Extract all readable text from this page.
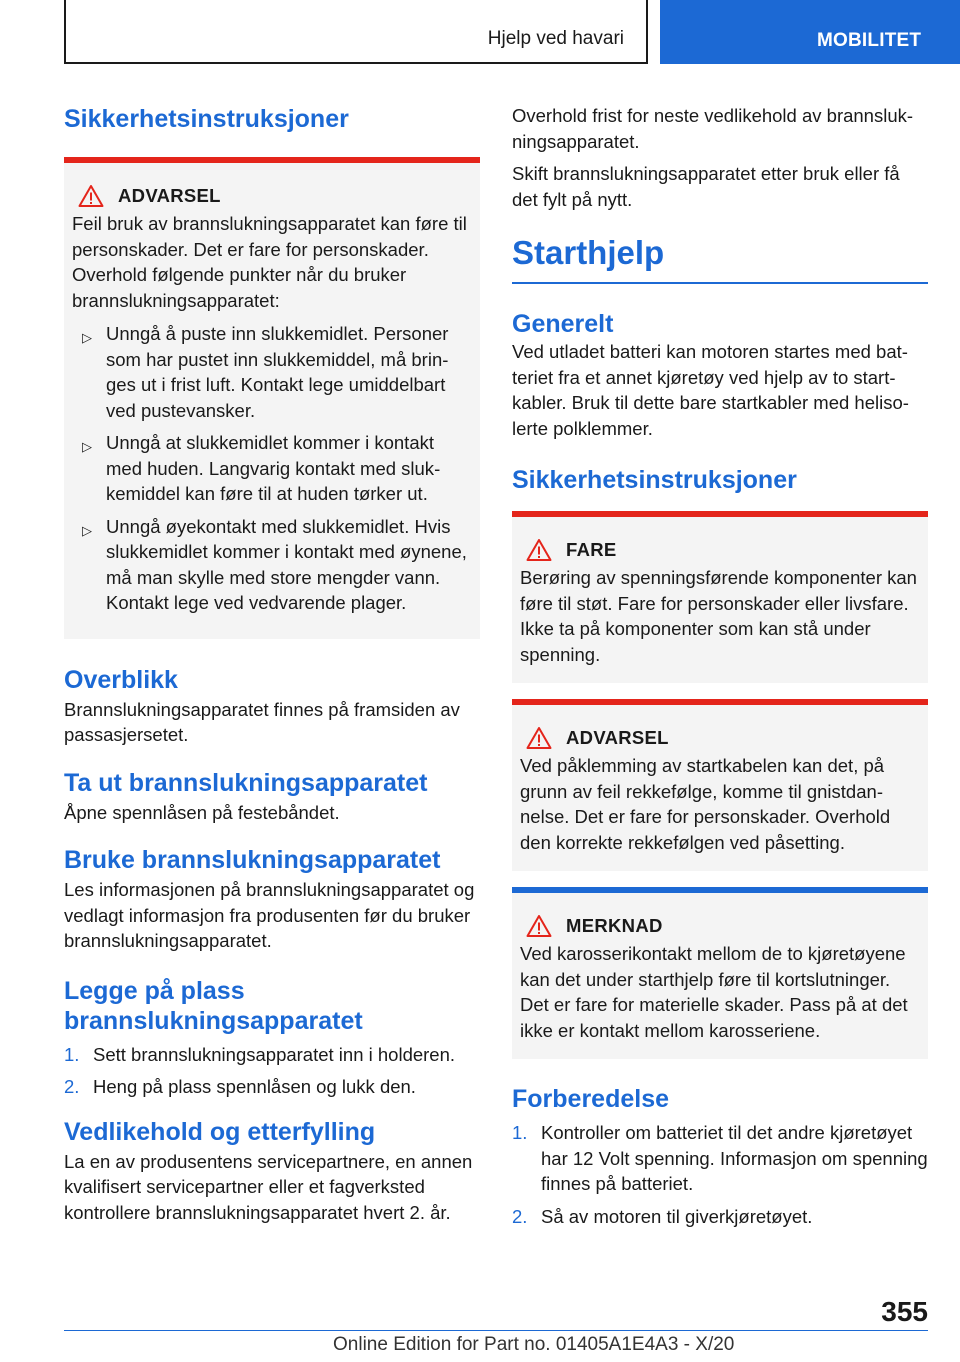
Hjelp ved havari	MOBILITET
Sikkerhetsinstruksjoner
ADVARSEL

Feil bruk av brannslukningsapparatet kan føre til personskader. Det er fare for personskader. Overhold følgende punkter når du bruker brannslukningsapparatet:

▷ Unngå å puste inn slukkemidlet. Personer som har pustet inn slukkemiddel, må bringes ut i frist luft. Kontakt lege umiddelbart ved pustevansker.
▷ Unngå at slukkemidlet kommer i kontakt med huden. Langvarig kontakt med slukkemiddel kan føre til at huden tørker ut.
▷ Unngå øyekontakt med slukkemidlet. Hvis slukkemidlet kommer i kontakt med øynene, må man skylle med store mengder vann. Kontakt lege ved vedvarende plager.
Overblikk

Brannslukningsapparatet finnes på framsiden av passasjersetet.

Ta ut brannslukningsapparatet

Åpne spennlåsen på festebåndet.

Bruke brannslukningsapparatet

Les informasjonen på brannslukningsapparatet og vedlagt informasjon fra produsenten før du bruker brannslukningsapparatet.

Legge på plass
brannslukningsapparatet
1. Sett brannslukningsapparatet inn i holderen.
2. Heng på plass spennlåsen og lukk den.
Vedlikehold og etterfylling

La en av produsentens servicepartnere, en annen kvalifisert servicepartner eller et fagverksted kontrollere brannslukningsapparatet hvert 2. år.

Overhold frist for neste vedlikehold av brannslukningsapparatet.

Skift brannslukningsapparatet etter bruk eller få det fylt på nytt.

Starthjelp
Generelt

Ved utladet batteri kan motoren startes med batteriet fra et annet kjøretøy ved hjelp av to startkabler. Bruk til dette bare startkabler med helisolerte polklemmer.

Sikkerhetsinstruksjoner
FARE

Berøring av spenningsførende komponenter kan føre til støt. Fare for personskader eller livsfare. Ikke ta på komponenter som kan stå under spenning.

ADVARSEL

Ved påklemming av startkabelen kan det, på grunn av feil rekkefølge, komme til gnistdannelse. Det er fare for personskader. Overhold den korrekte rekkefølgen ved påsetting.

MERKNAD

Ved karosserikontakt mellom de to kjøretøyene kan det under starthjelp føre til kortslutninger. Det er fare for materielle skader. Pass på at det ikke er kontakt mellom karosseriene.

Forberedelse
1. Kontroller om batteriet til det andre kjøretøyet har 12 Volt spenning. Informasjon om spenning finnes på batteriet.
2. Så av motoren til giverkjøretøyet.
355
Online Edition for Part no. 01405A1E4A3 - X/20
